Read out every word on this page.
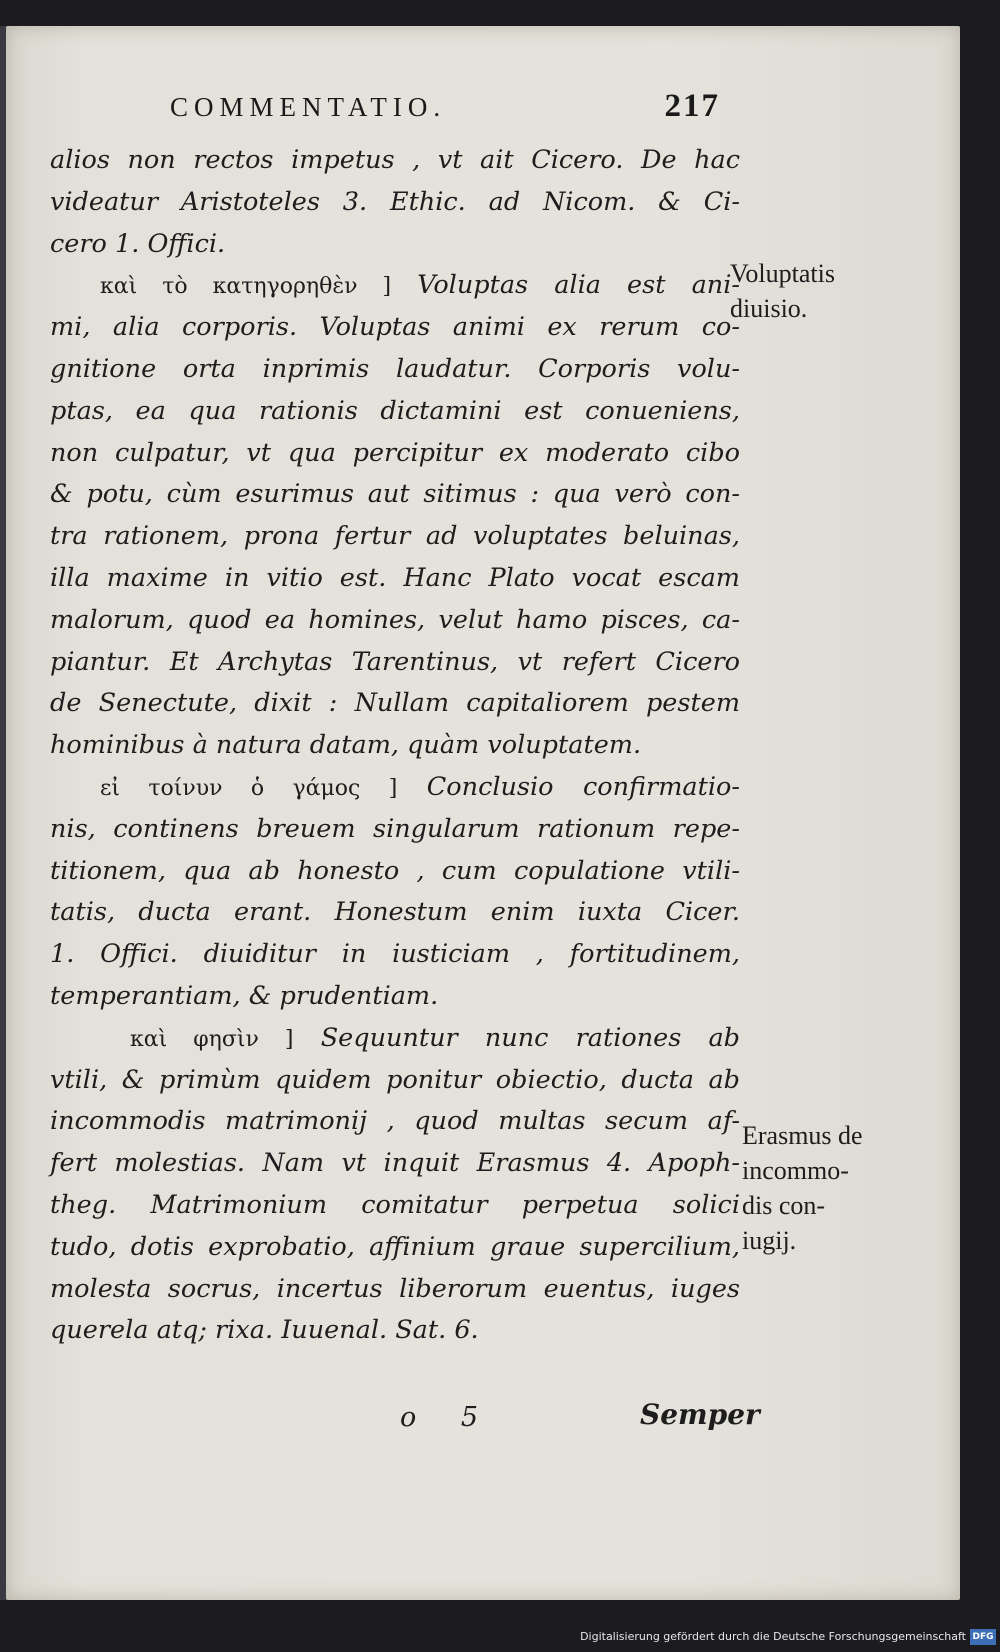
COMMENTATIO.	217
alios non rectos impetus , vt ait Cicero. De hac
videatur Aristoteles 3. Ethic. ad Nicom. & Ci-
cero 1. Offici.
καὶ τὸ κατηγορηθὲν ] Voluptas alia est ani-
mi, alia corporis. Voluptas animi ex rerum co-
gnitione orta inprimis laudatur. Corporis volu-
ptas, ea qua rationis dictamini est conueniens,
non culpatur, vt qua percipitur ex moderato cibo
& potu, cùm esurimus aut sitimus : qua verò con-
tra rationem, prona fertur ad voluptates beluinas,
illa maxime in vitio est. Hanc Plato vocat escam
malorum, quod ea homines, velut hamo pisces, ca-
piantur. Et Archytas Tarentinus, vt refert Cicero
de Senectute, dixit : Nullam capitaliorem pestem
hominibus à natura datam, quàm voluptatem.
εἰ τοίνυν ὁ γάμος ] Conclusio confirmatio-
nis, continens breuem singularum rationum repe-
titionem, qua ab honesto , cum copulatione vtili-
tatis, ducta erant. Honestum enim iuxta Cicer.
1. Offici. diuiditur in iusticiam , fortitudinem,
temperantiam, & prudentiam.
καὶ φησὶν ] Sequuntur nunc rationes ab
vtili, & primùm quidem ponitur obiectio, ducta ab
incommodis matrimonij , quod multas secum af-
fert molestias. Nam vt inquit Erasmus 4. Apoph-
theg. Matrimonium comitatur perpetua solici
tudo, dotis exprobatio, affinium graue supercilium,
molesta socrus, incertus liberorum euentus, iuges
querela atq; rixa. Iuuenal. Sat. 6.
Voluptatis
diuisio.
Erasmus de
incommo-
dis con-
iugij.
o 5	Semper
Digitalisierung gefördert durch die Deutsche Forschungsgemeinschaft DFG
